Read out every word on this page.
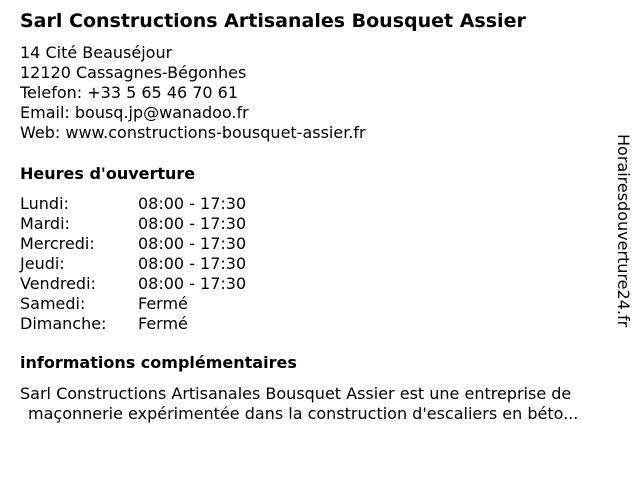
Sarl Constructions Artisanales Bousquet Assier
14 Cité Beauséjour
12120 Cassagnes-Bégonhes
Telefon: +33 5 65 46 70 61
Email: bousq.jp@wanadoo.fr
Web: www.constructions-bousquet-assier.fr
Heures d'ouverture
Lundi:	08:00 - 17:30
Mardi:	08:00 - 17:30
Mercredi:	08:00 - 17:30
Jeudi:	08:00 - 17:30
Vendredi:	08:00 - 17:30
Samedi:	Fermé
Dimanche: Fermé
informations complémentaires
Sarl Constructions Artisanales Bousquet Assier est une entreprise de
maçonnerie expérimentée dans la construction d'escaliers en béto...
Horairesdouverture24.fr
